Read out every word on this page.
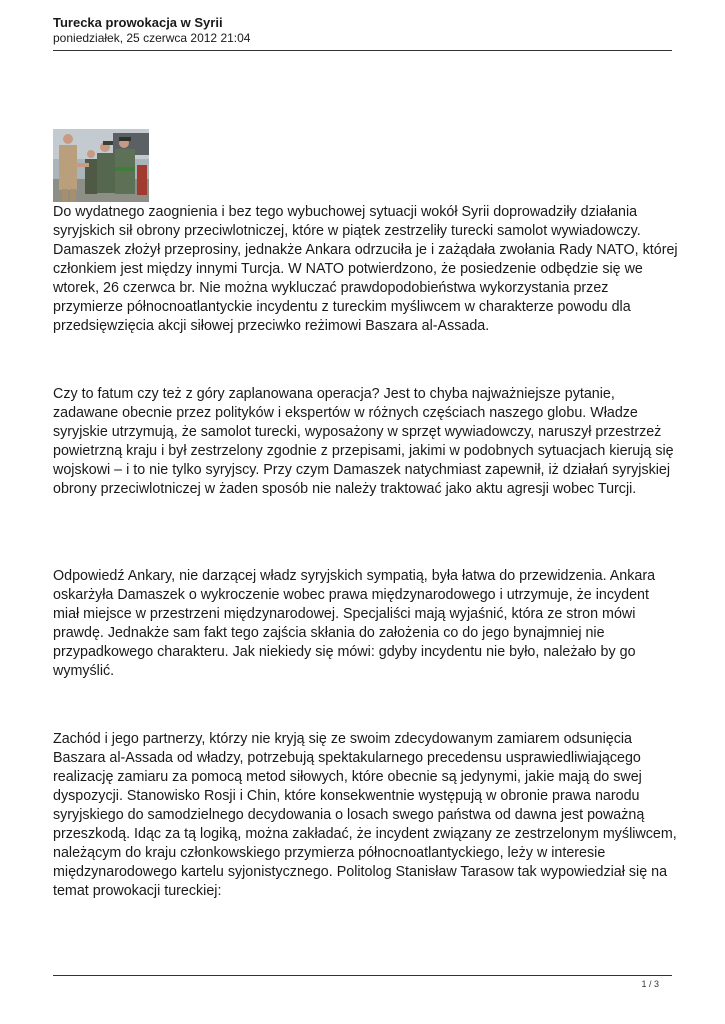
Turecka prowokacja w Syrii
poniedziałek, 25 czerwca 2012 21:04

Do wydatnego zaognienia i bez tego wybuchowej sytuacji wokół Syrii doprowadziły działania syryjskich sił obrony przeciwlotniczej, które w piątek zestrzeliły turecki samolot wywiadowczy. Damaszek złożył przeprosiny, jednakże Ankara odrzuciła je i zażądała zwołania Rady NATO, której członkiem jest między innymi Turcja. W NATO potwierdzono, że posiedzenie odbędzie się we wtorek, 26 czerwca br. Nie można wykluczać prawdopodobieństwa wykorzystania przez przymierze północnoatlantyckie incydentu z tureckim myśliwcem w charakterze powodu dla przedsięwzięcia akcji siłowej przeciwko reżimowi Baszara al-Assada.

Czy to fatum czy też z góry zaplanowana operacja? Jest to chyba najważniejsze pytanie, zadawane obecnie przez polityków i ekspertów w różnych częściach naszego globu. Władze syryjskie utrzymują, że samolot turecki, wyposażony w sprzęt wywiadowczy, naruszył przestrzeż powietrzną kraju i był zestrzelony zgodnie z przepisami, jakimi w podobnych sytuacjach kierują się wojskowi – i to nie tylko syryjscy. Przy czym Damaszek natychmiast zapewnił, iż działań syryjskiej obrony przeciwlotniczej w żaden sposób nie należy traktować jako aktu agresji wobec Turcji.

Odpowiedź Ankary, nie darzącej władz syryjskich sympatią, była łatwa do przewidzenia. Ankara oskarżyła Damaszek o wykroczenie wobec prawa międzynarodowego i utrzymuje, że incydent miał miejsce w przestrzeni międzynarodowej. Specjaliści mają wyjaśnić, która ze stron mówi prawdę. Jednakże sam fakt tego zajścia skłania do założenia co do jego bynajmniej nie przypadkowego charakteru. Jak niekiedy się mówi: gdyby incydentu nie było, należało by go wymyślić.

Zachód i jego partnerzy, którzy nie kryją się ze swoim zdecydowanym zamiarem odsunięcia Baszara al-Assada od władzy, potrzebują spektakularnego precedensu usprawiedliwiającego realizację zamiaru za pomocą metod siłowych, które obecnie są jedynymi, jakie mają do swej dyspozycji. Stanowisko Rosji i Chin, które konsekwentnie występują w obronie prawa narodu syryjskiego do samodzielnego decydowania o losach swego państwa od dawna jest poważną przeszkodą. Idąc za tą logiką, można zakładać, że incydent związany ze zestrzelonym myśliwcem, należącym do kraju członkowskiego przymierza północnoatlantyckiego, leży w interesie międzynarodowego kartelu syjonistycznego. Politolog Stanisław Tarasow tak wypowiedział się na temat prowokacji tureckiej:

1 / 3
